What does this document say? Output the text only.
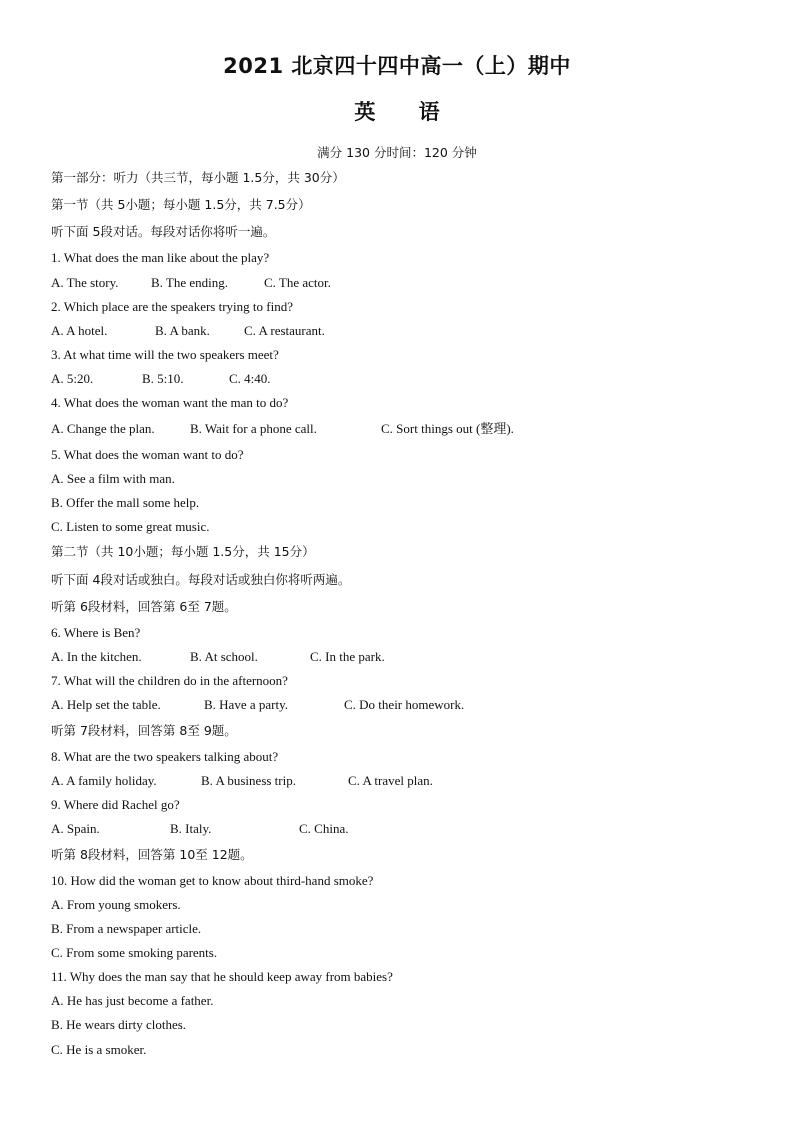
2021 北京四十四中高一（上）期中
英 语
满分 130 分时间：120 分钟
第一部分：听力（共三节，每小题 1.5分，共 30分）
第一节（共 5小题；每小题 1.5分，共 7.5分）
听下面 5段对话。每段对话你将听一遍。
1. What does the man like about the play?
A. The story. B. The ending.	C. The actor.
2. Which place are the speakers trying to find?
A. A hotel.	B. A bank.	C. A restaurant.
3. At what time will the two speakers meet?
A. 5:20.	B. 5:10.	C. 4:40.
4. What does the woman want the man to do?
A. Change the plan.	B. Wait for a phone call.	C. Sort things out (整理).
5. What does the woman want to do?
A. See a film with man.
B. Offer the mall some help.
C. Listen to some great music.
第二节（共 10小题；每小题 1.5分，共 15分）
听下面 4段对话或独白。每段对话或独白你将听两遍。
听第 6段材料，回答第 6至 7题。
6. Where is Ben?
A. In the kitchen.	B. At school.	C. In the park.
7. What will the children do in the afternoon?
A. Help set the table.	B. Have a party.	C. Do their homework.
听第 7段材料，回答第 8至 9题。
8. What are the two speakers talking about?
A. A family holiday.	B. A business trip.	C. A travel plan.
9. Where did Rachel go?
A. Spain.	B. Italy.	C. China.
听第 8段材料，回答第 10至 12题。
10. How did the woman get to know about third-hand smoke?
A. From young smokers.
B. From a newspaper article.
C. From some smoking parents.
11. Why does the man say that he should keep away from babies?
A. He has just become a father.
B. He wears dirty clothes.
C. He is a smoker.
